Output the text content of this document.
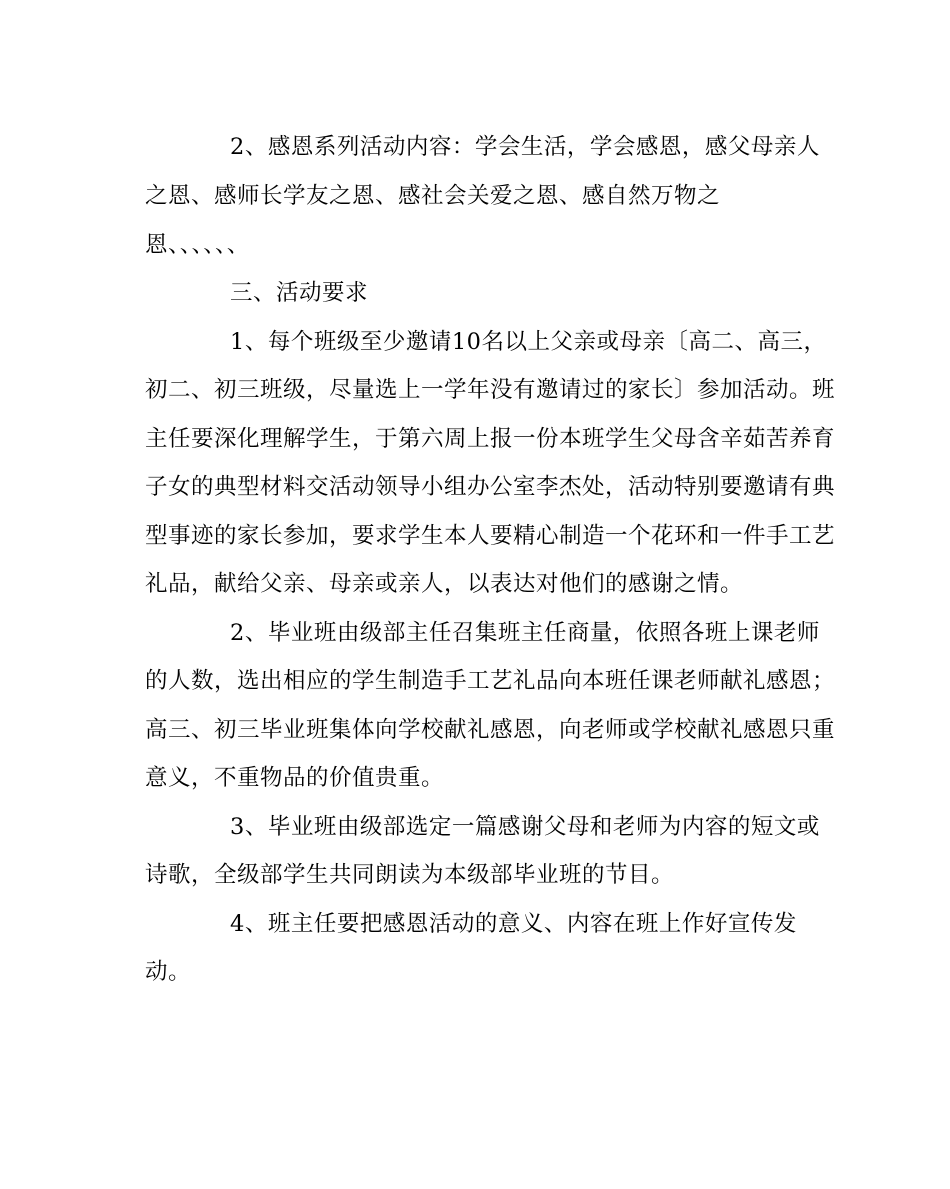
2、感恩系列活动内容：学会生活，学会感恩，感父母亲人
之恩、感师长学友之恩、感社会关爱之恩、感自然万物之
恩、、、、、、
三、活动要求
1、每个班级至少邀请10名以上父亲或母亲〔高二、高三，
初二、初三班级，尽量选上一学年没有邀请过的家长〕参加活动。班
主任要深化理解学生，于第六周上报一份本班学生父母含辛茹苦养育
子女的典型材料交活动领导小组办公室李杰处，活动特别要邀请有典
型事迹的家长参加，要求学生本人要精心制造一个花环和一件手工艺
礼品，献给父亲、母亲或亲人，以表达对他们的感谢之情。
2、毕业班由级部主任召集班主任商量，依照各班上课老师
的人数，选出相应的学生制造手工艺礼品向本班任课老师献礼感恩；
高三、初三毕业班集体向学校献礼感恩，向老师或学校献礼感恩只重
意义，不重物品的价值贵重。
3、毕业班由级部选定一篇感谢父母和老师为内容的短文或
诗歌，全级部学生共同朗读为本级部毕业班的节目。
4、班主任要把感恩活动的意义、内容在班上作好宣传发
动。
